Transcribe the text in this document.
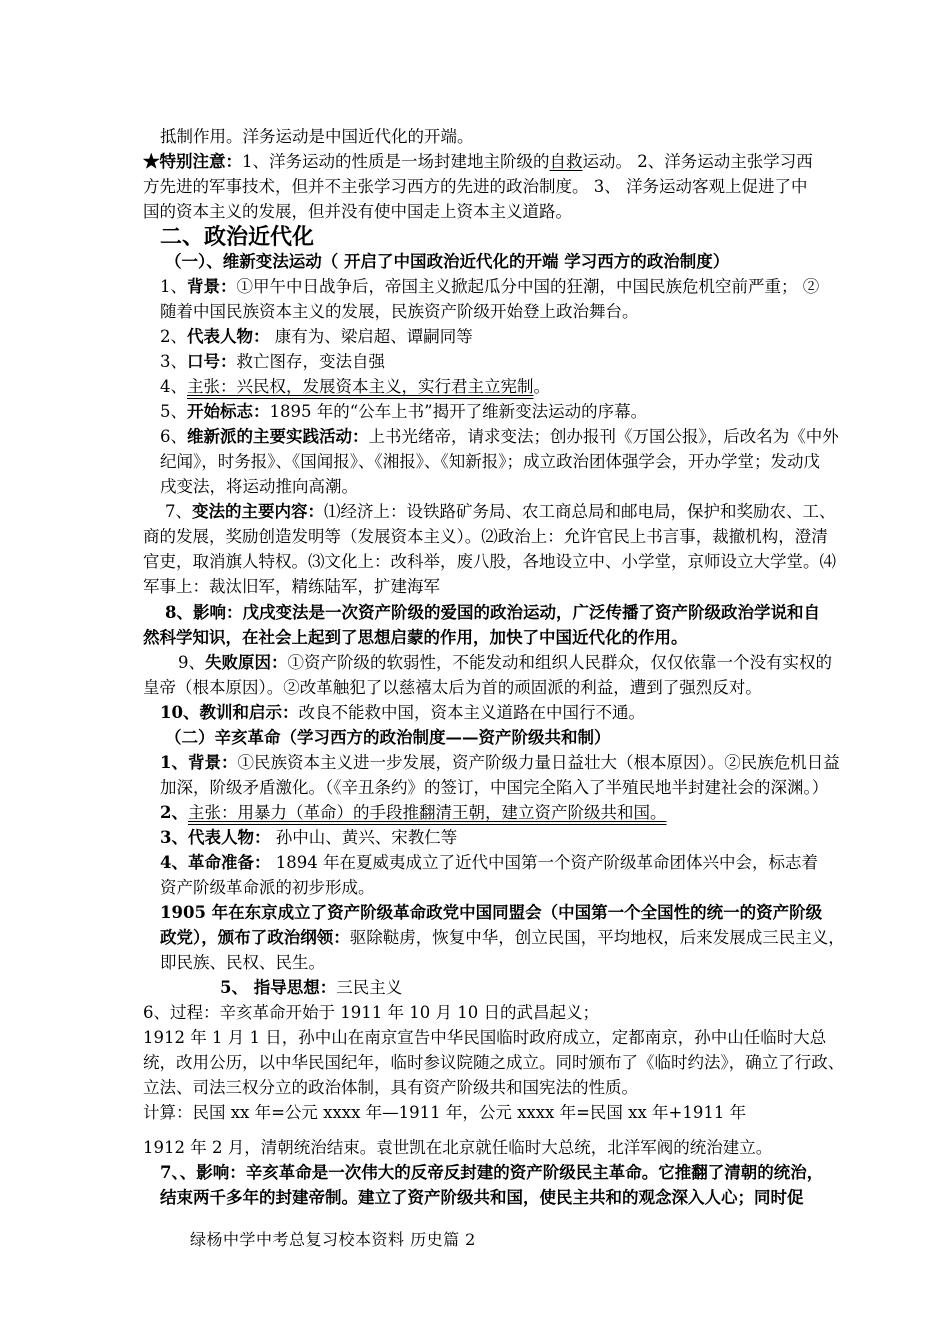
抵制作用。洋务运动是中国近代化的开端。
★特别注意：1、洋务运动的性质是一场封建地主阶级的自救运动。 2、洋务运动主张学习西
方先进的军事技术，但并不主张学习西方的先进的政治制度。 3、 洋务运动客观上促进了中
国的资本主义的发展，但并没有使中国走上资本主义道路。
二、政治近代化
（一）、维新变法运动（ 开启了中国政治近代化的开端 学习西方的政治制度）
1、背景：①甲午中日战争后，帝国主义掀起瓜分中国的狂潮，中国民族危机空前严重； ②
随着中国民族资本主义的发展，民族资产阶级开始登上政治舞台。
2、代表人物： 康有为、梁启超、谭嗣同等
3、口号：救亡图存，变法自强
4、主张：兴民权，发展资本主义，实行君主立宪制。
5、开始标志：1895 年的“公车上书”揭开了维新变法运动的序幕。
6、维新派的主要实践活动：上书光绪帝，请求变法；创办报刊《万国公报》，后改名为《中外
纪闻》，时务报》、《国闻报》、《湘报》、《知新报》；成立政治团体强学会，开办学堂；发动戊
戌变法，将运动推向高潮。
7、变法的主要内容：⑴经济上：设铁路矿务局、农工商总局和邮电局，保护和奖励农、工、
商的发展，奖励创造发明等（发展资本主义）。⑵政治上：允许官民上书言事，裁撤机构，澄清
官吏，取消旗人特权。⑶文化上：改科举，废八股，各地设立中、小学堂，京师设立大学堂。⑷
军事上：裁汰旧军，精练陆军，扩建海军
8、影响：戊戌变法是一次资产阶级的爱国的政治运动，广泛传播了资产阶级政治学说和自
然科学知识，在社会上起到了思想启蒙的作用，加快了中国近代化的作用。
9、失败原因：①资产阶级的软弱性，不能发动和组织人民群众，仅仅依靠一个没有实权的
皇帝（根本原因）。②改革触犯了以慈禧太后为首的顽固派的利益，遭到了强烈反对。
10、教训和启示：改良不能救中国，资本主义道路在中国行不通。
（二）辛亥革命（学习西方的政治制度——资产阶级共和制）
1、背景：①民族资本主义进一步发展，资产阶级力量日益壮大（根本原因）。②民族危机日益
加深，阶级矛盾激化。（《辛丑条约》的签订，中国完全陷入了半殖民地半封建社会的深渊。）
2、主张：用暴力（革命）的手段推翻清王朝，建立资产阶级共和国。
3、代表人物： 孙中山、黄兴、宋教仁等
4、革命准备： 1894 年在夏威夷成立了近代中国第一个资产阶级革命团体兴中会，标志着
资产阶级革命派的初步形成。
1905 年在东京成立了资产阶级革命政党中国同盟会（中国第一个全国性的统一的资产阶级
政党），颁布了政治纲领：驱除鞑虏，恢复中华，创立民国，平均地权，后来发展成三民主义，
即民族、民权、民生。
5、 指导思想：三民主义
6、过程：辛亥革命开始于 1911 年 10 月 10 日的武昌起义；
1912 年 1 月 1 日，孙中山在南京宣告中华民国临时政府成立，定都南京，孙中山任临时大总
统，改用公历，以中华民国纪年，临时参议院随之成立。同时颁布了《临时约法》，确立了行政、
立法、司法三权分立的政治体制，具有资产阶级共和国宪法的性质。
计算：民国 xx 年=公元 xxxx 年—1911 年，公元 xxxx 年=民国 xx 年+1911 年
1912 年 2 月，清朝统治结束。袁世凯在北京就任临时大总统，北洋军阀的统治建立。
7、、影响：辛亥革命是一次伟大的反帝反封建的资产阶级民主革命。它推翻了清朝的统治，
结束两千多年的封建帝制。建立了资产阶级共和国，使民主共和的观念深入人心；同时促
绿杨中学中考总复习校本资料 历史篇 2
